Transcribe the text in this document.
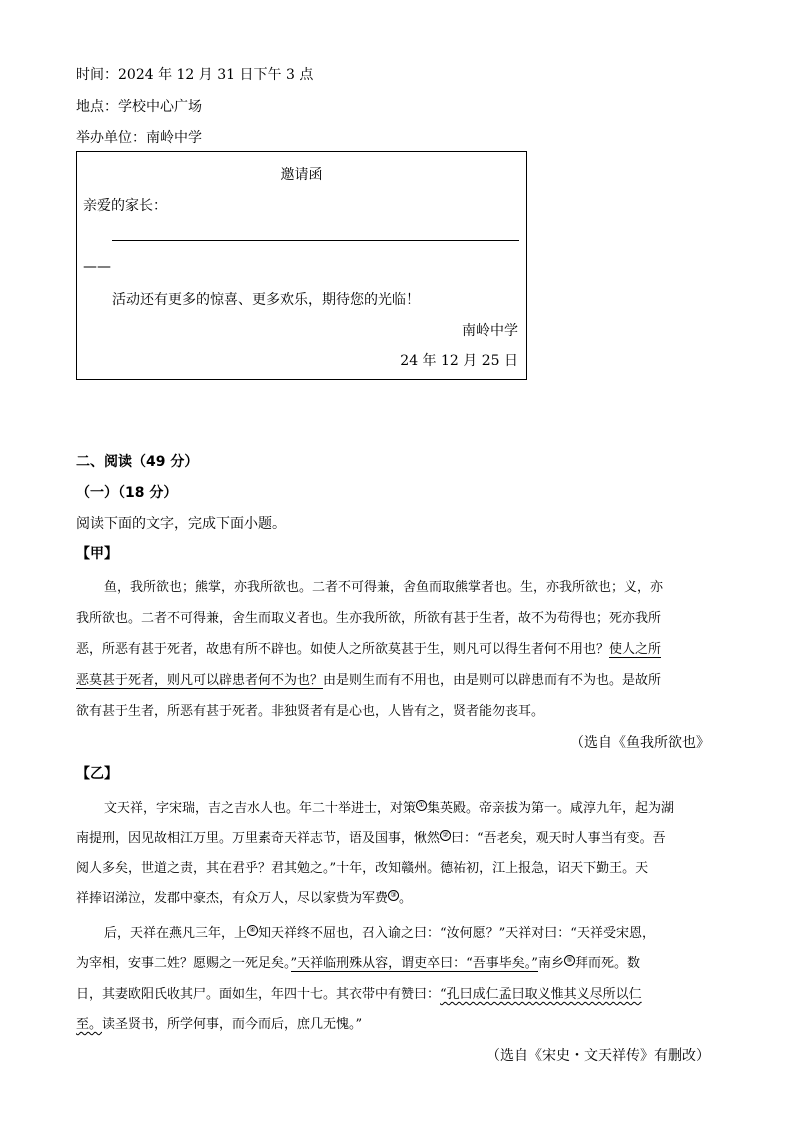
时间：2024 年 12 月 31 日下午 3 点
地点：学校中心广场
举办单位：南岭中学
邀请函
亲爱的家长：
——
活动还有更多的惊喜、更多欢乐，期待您的光临！
南岭中学
24 年 12 月 25 日
二、阅读（49 分）
（一）（18 分）
阅读下面的文字，完成下面小题。
【甲】
鱼，我所欲也；熊掌，亦我所欲也。二者不可得兼，舍鱼而取熊掌者也。生，亦我所欲也；义，亦
我所欲也。二者不可得兼，舍生而取义者也。生亦我所欲，所欲有甚于生者，故不为苟得也；死亦我所
恶，所恶有甚于死者，故患有所不辟也。如使人之所欲莫甚于生，则凡可以得生者何不用也？使人之所
恶莫甚于死者，则凡可以辟患者何不为也？由是则生而有不用也，由是则可以辟患而有不为也。是故所
欲有甚于生者，所恶有甚于死者。非独贤者有是心也，人皆有之，贤者能勿丧耳。
（选自《鱼我所欲也》
【乙】
文天祥，字宋瑞，吉之吉水人也。年二十举进士，对策 ① 集英殿。帝亲拔为第一。咸淳九年，起为湖
南提刑，因见故相江万里。万里素奇天祥志节，语及国事，愀然 ② 曰：“吾老矣，观天时人事当有变。吾
阅人多矣，世道之责，其在君乎？君其勉之。”十年，改知赣州。德祐初，江上报急，诏天下勤王。天
祥捧诏涕泣，发郡中豪杰，有众万人，尽以家赀为军费 ③ 。
后，天祥在燕凡三年，上 ④ 知天祥终不屈也，召入谕之曰：“汝何愿？”天祥对曰：“天祥受宋恩，
为宰相，安事二姓？愿赐之一死足矣。”天祥临刑殊从容，谓吏卒曰：“吾事毕矣。”南乡 ⑤ 拜而死。数
日，其妻欧阳氏收其尸。面如生，年四十七。其衣带中有赞曰：“孔曰成仁孟曰取义惟其义尽所以仁
至。读圣贤书，所学何事，而今而后，庶几无愧。”
（选自《宋史・文天祥传》有删改）
